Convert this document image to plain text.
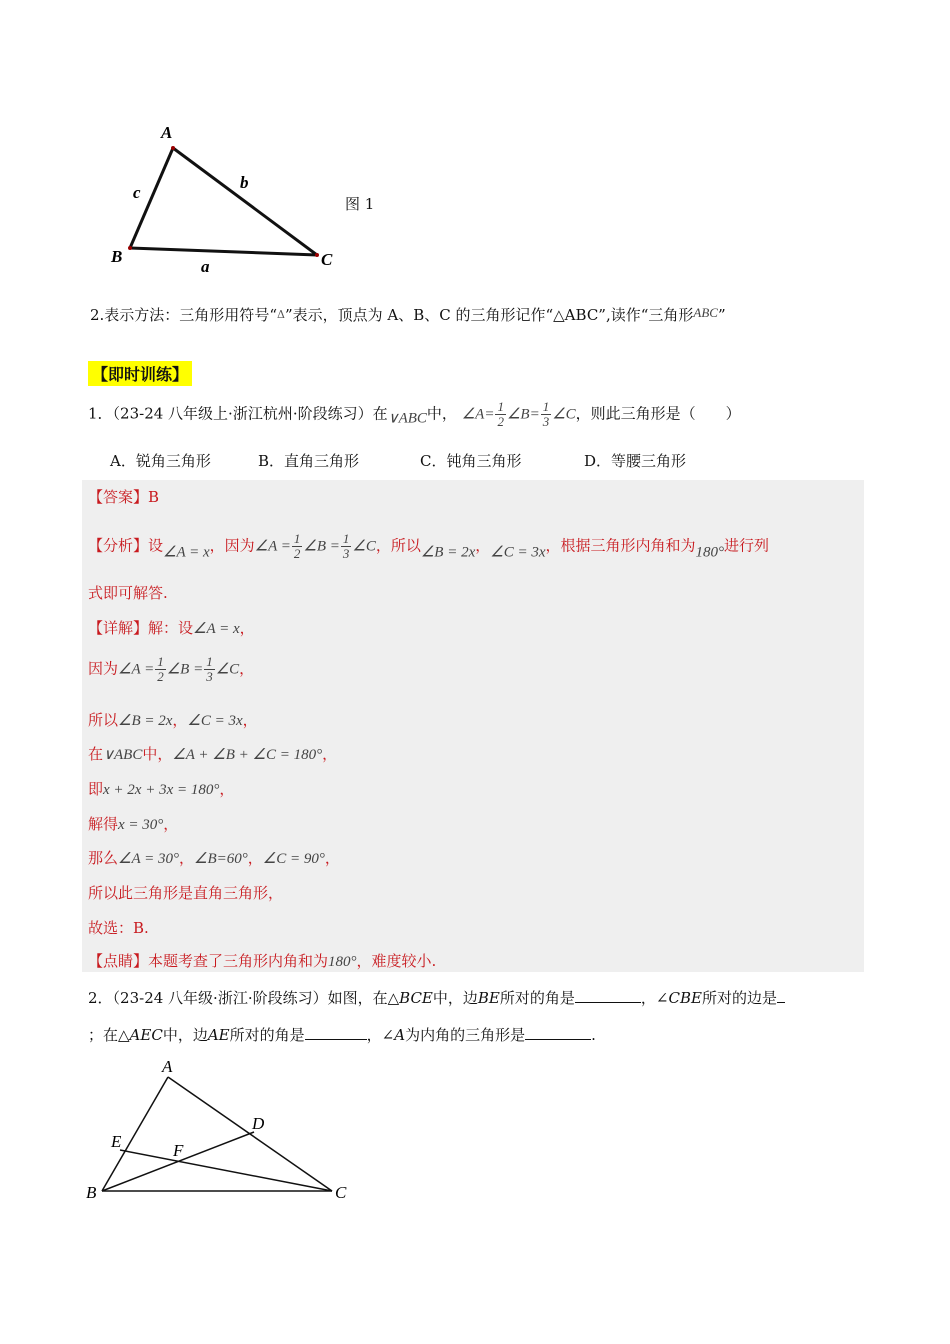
A
B	C
c
b
a
图 1
2.表示方法：三角形用符号“Δ”表示，顶点为 A、B、C 的三角形记作“△ABC”,读作“三角形ABC”
【即时训练】
1．（23-24 八年级上·浙江杭州·阶段练习）在∨ABC中， ∠A= $\frac{1}{2}$ ∠B= $\frac{1}{3}$ ∠C，则此三角形是（　　）
A．锐角三角形	B．直角三角形	C．钝角三角形	D．等腰三角形
【答案】B
【分析】设∠A = x，因为∠A = $\frac{1}{2}$ ∠B = $\frac{1}{3}$ ∠C，所以∠B = 2x，∠C = 3x，根据三角形内角和为180°进行列
式即可解答.
【详解】解：设∠A = x，
因为∠A = $\frac{1}{2}$ ∠B = $\frac{1}{3}$ ∠C，
所以∠B = 2x，∠C = 3x，
在∨ABC中，∠A + ∠B + ∠C = 180°，
即x + 2x + 3x = 180°，
解得x = 30°，
那么∠A = 30°，∠B=60°，∠C = 90°，
所以此三角形是直角三角形，
故选：B.
【点睛】本题考查了三角形内角和为180°，难度较小.
2．（23-24 八年级·浙江·阶段练习）如图，在△BCE中，边BE所对的角是	，∠CBE所对的边是
；在△AEC中，边AE所对的角是	，∠A为内角的三角形是	.
A
B	C
D
E	F
